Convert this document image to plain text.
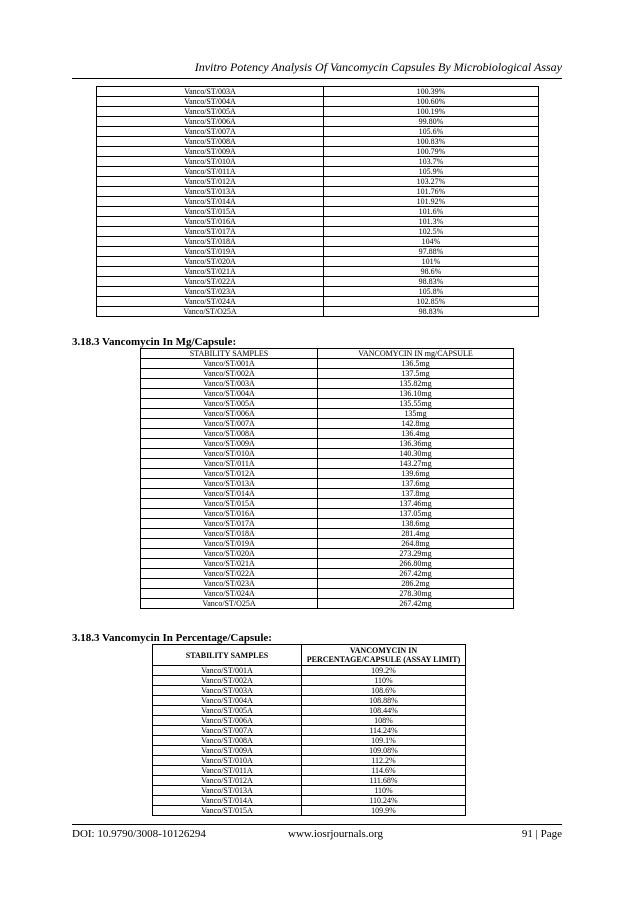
Invitro Potency Analysis Of Vancomycin Capsules By Microbiological Assay
Vanco/ST/003A	100.39%
Vanco/ST/004A	100.60%
Vanco/ST/005A	100.19%
Vanco/ST/006A	99.80%
Vanco/ST/007A	105.6%
Vanco/ST/008A	100.83%
Vanco/ST/009A	100.79%
Vanco/ST/010A	103.7%
Vanco/ST/011A	105.9%
Vanco/ST/012A	103.27%
Vanco/ST/013A	101.76%
Vanco/ST/014A	101.92%
Vanco/ST/015A	101.6%
Vanco/ST/016A	101.3%
Vanco/ST/017A	102.5%
Vanco/ST/018A	104%
Vanco/ST/019A	97.88%
Vanco/ST/020A	101%
Vanco/ST/021A	98.6%
Vanco/ST/022A	98.83%
Vanco/ST/023A	105.8%
Vanco/ST/024A	102.85%
Vanco/ST/O25A	98.83%
3.18.3 Vancomycin In Mg/Capsule:
STABILITY SAMPLES	VANCOMYCIN IN mg/CAPSULE
Vanco/ST/001A	136.5mg
Vanco/ST/002A	137.5mg
Vanco/ST/003A	135.82mg
Vanco/ST/004A	136.10mg
Vanco/ST/005A	135.55mg
Vanco/ST/006A	135mg
Vanco/ST/007A	142.8mg
Vanco/ST/008A	136.4mg
Vanco/ST/009A	136.36mg
Vanco/ST/010A	140.30mg
Vanco/ST/011A	143.27mg
Vanco/ST/012A	139.6mg
Vanco/ST/013A	137.6mg
Vanco/ST/014A	137.8mg
Vanco/ST/015A	137.46mg
Vanco/ST/016A	137.05mg
Vanco/ST/017A	138.6mg
Vanco/ST/018A	281.4mg
Vanco/ST/019A	264.8mg
Vanco/ST/020A	273.29mg
Vanco/ST/021A	266.80mg
Vanco/ST/022A	267.42mg
Vanco/ST/023A	286.2mg
Vanco/ST/024A	278.30mg
Vanco/ST/O25A	267.42mg
3.18.3 Vancomycin In Percentage/Capsule:
STABILITY SAMPLES	VANCOMYCIN IN
PERCENTAGE/CAPSULE (ASSAY LIMIT)

Vanco/ST/001A	109.2%
Vanco/ST/002A	110%
Vanco/ST/003A	108.6%
Vanco/ST/004A	108.88%
Vanco/ST/005A	108.44%
Vanco/ST/006A	108%
Vanco/ST/007A	114.24%
Vanco/ST/008A	109.1%
Vanco/ST/009A	109.08%
Vanco/ST/010A	112.2%
Vanco/ST/011A	114.6%
Vanco/ST/012A	111.68%
Vanco/ST/013A	110%
Vanco/ST/014A	110.24%
Vanco/ST/015A	109.9%
DOI: 10.9790/3008-10126294	www.iosrjournals.org	91 | Page
